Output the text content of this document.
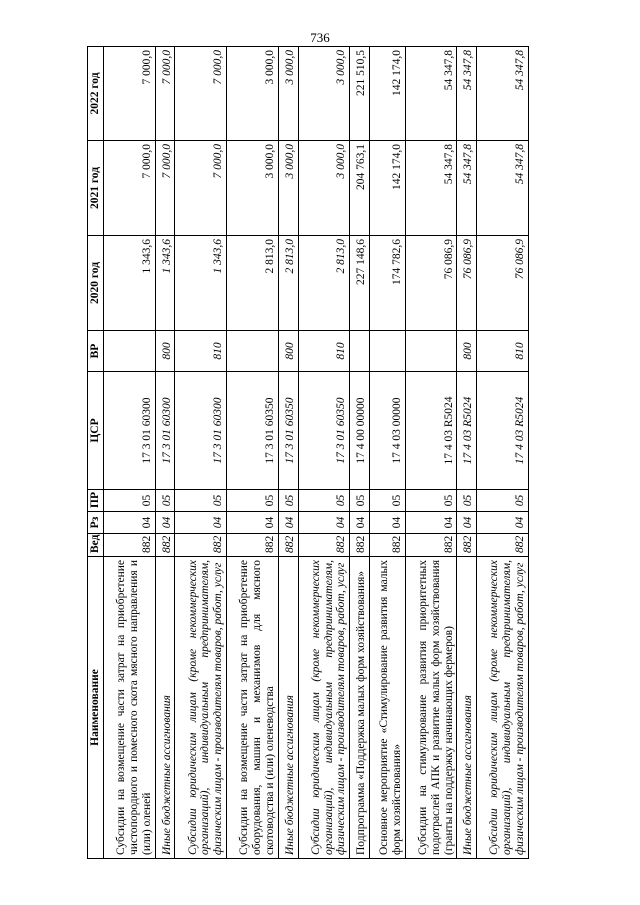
736
Наименование	Вед	Рз	ПР	ЦСР	ВР	2020 год	2021 год	2022 год
Субсидии на возмещение части затрат на приобретение чистопородного и помесного скота мясного направления и (или) оленей	882	04	05	17 3 01 60300		1 343,6	7 000,0	7 000,0
Иные бюджетные ассигнования	882	04	05	17 3 01 60300	800	1 343,6	7 000,0	7 000,0
Субсидии юридическим лицам (кроме некоммерческих организаций), индивидуальным предпринимателям, физическим лицам - производителям товаров, работ, услуг	882	04	05	17 3 01 60300	810	1 343,6	7 000,0	7 000,0
Субсидии на возмещение части затрат на приобретение оборудования, машин и механизмов для мясного скотоводства и (или) оленеводства	882	04	05	17 3 01 60350		2 813,0	3 000,0	3 000,0
Иные бюджетные ассигнования	882	04	05	17 3 01 60350	800	2 813,0	3 000,0	3 000,0
Субсидии юридическим лицам (кроме некоммерческих организаций), индивидуальным предпринимателям, физическим лицам - производителям товаров, работ, услуг	882	04	05	17 3 01 60350	810	2 813,0	3 000,0	3 000,0
Подпрограмма «Поддержка малых форм хозяйствования»	882	04	05	17 4 00 00000		227 148,6	204 763,1	221 510,5
Основное мероприятие «Стимулирование развития малых форм хозяйствования»	882	04	05	17 4 03 00000		174 782,6	142 174,0	142 174,0
Субсидии на стимулирование развития приоритетных подотраслей АПК и развитие малых форм хозяйствования (гранты на поддержку начинающих фермеров)	882	04	05	17 4 03 R5024		76 086,9	54 347,8	54 347,8
Иные бюджетные ассигнования	882	04	05	17 4 03 R5024	800	76 086,9	54 347,8	54 347,8
Субсидии юридическим лицам (кроме некоммерческих организаций), индивидуальным предпринимателям, физическим лицам - производителям товаров, работ, услуг	882	04	05	17 4 03 R5024	810	76 086,9	54 347,8	54 347,8
